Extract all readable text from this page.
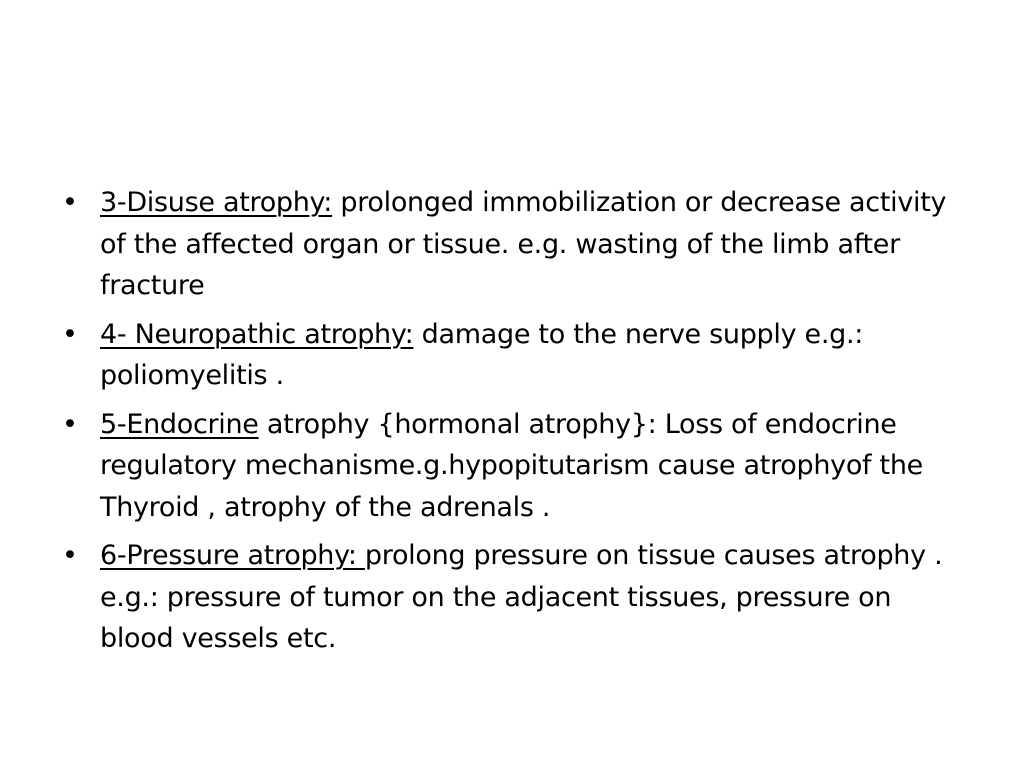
• 3-Disuse atrophy: prolonged immobilization or decrease activity of the affected organ or tissue. e.g. wasting of the limb after fracture
• 4- Neuropathic atrophy: damage to the nerve supply e.g.: poliomyelitis .
• 5-Endocrine atrophy {hormonal atrophy}: Loss of endocrine regulatory mechanisme.g.hypopitutarism cause atrophyof the Thyroid , atrophy of the adrenals .
• 6-Pressure atrophy: prolong pressure on tissue causes atrophy . e.g.: pressure of tumor on the adjacent tissues, pressure on blood vessels etc.
